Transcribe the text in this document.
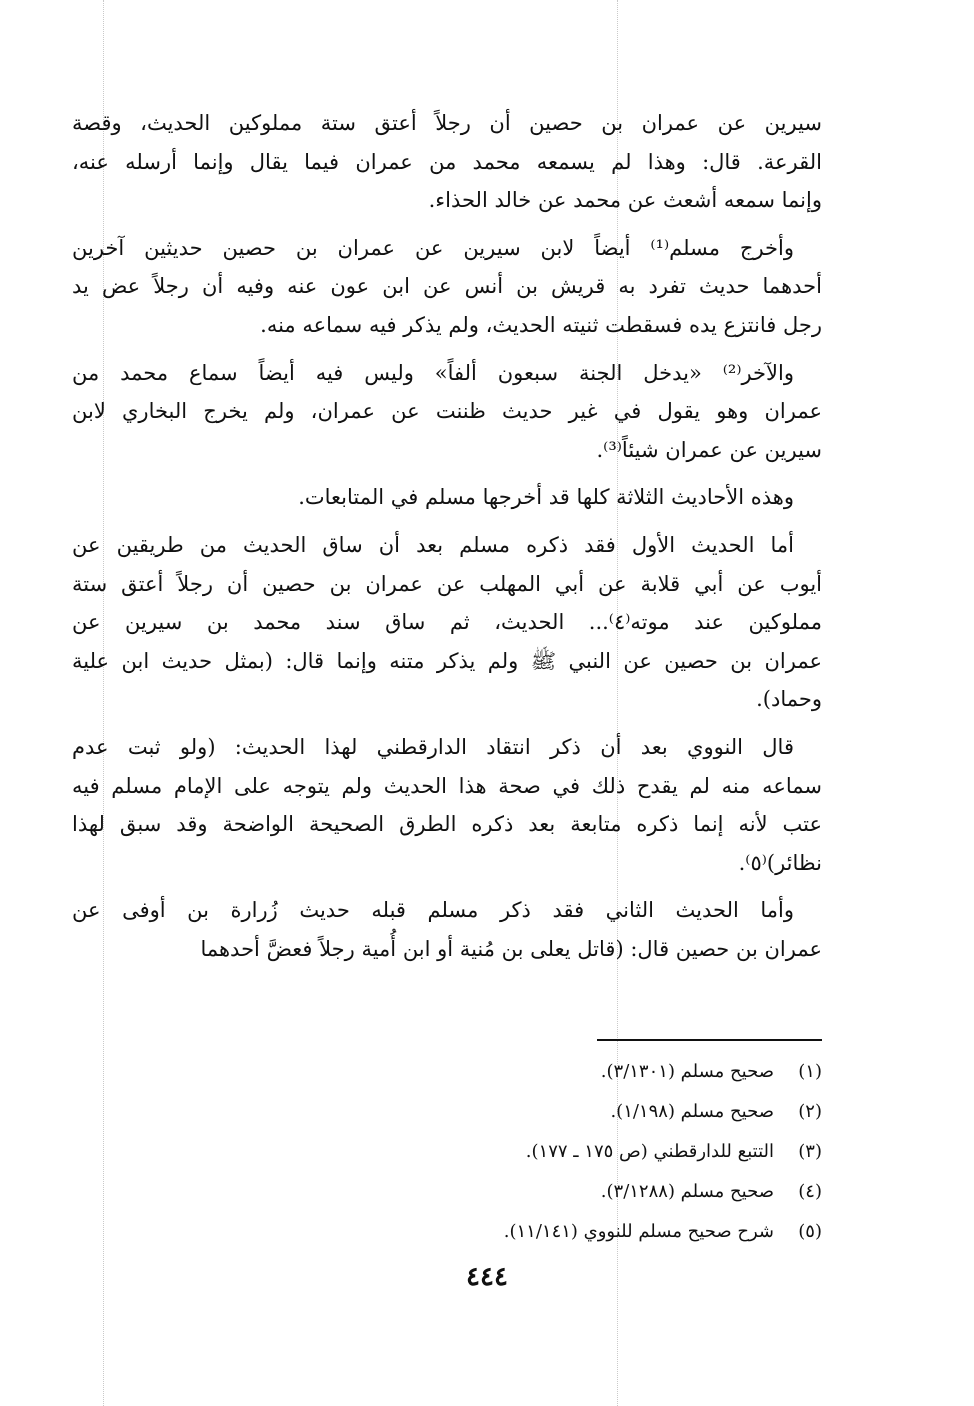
سيرين عن عمران بن حصين أن رجلاً أعتق ستة مملوكين الحديث، وقصة
القرعة. قال: وهذا لم يسمعه محمد من عمران فيما يقال وإنما أرسله عنه،
وإنما سمعه أشعث عن محمد عن خالد الحذاء.
وأخرج مسلم⁽¹⁾ أيضاً لابن سيرين عن عمران بن حصين حديثين آخرين
أحدهما حديث تفرد به قريش بن أنس عن ابن عون عنه وفيه أن رجلاً عض يد
رجل فانتزع يده فسقطت ثنيته الحديث، ولم يذكر فيه سماعه منه.
والآخر⁽²⁾ «يدخل الجنة سبعون ألفاً» وليس فيه أيضاً سماع محمد من
عمران وهو يقول في غير حديث ظننت عن عمران، ولم يخرج البخاري لابن
سيرين عن عمران شيئاً⁽³⁾.
وهذه الأحاديث الثلاثة كلها قد أخرجها مسلم في المتابعات.
أما الحديث الأول فقد ذكره مسلم بعد أن ساق الحديث من طريقين عن
أيوب عن أبي قلابة عن أبي المهلب عن عمران بن حصين أن رجلاً أعتق ستة
مملوكين عند موته⁽٤⁾... الحديث، ثم ساق سند محمد بن سيرين عن
عمران بن حصين عن النبي ﷺ ولم يذكر متنه وإنما قال: (بمثل حديث ابن علية
وحماد).
قال النووي بعد أن ذكر انتقاد الدارقطني لهذا الحديث: (ولو ثبت عدم
سماعه منه لم يقدح ذلك في صحة هذا الحديث ولم يتوجه على الإمام مسلم فيه
عتب لأنه إنما ذكره متابعة بعد ذكره الطرق الصحيحة الواضحة وقد سبق لهذا
نظائر)⁽٥⁾.
وأما الحديث الثاني فقد ذكر مسلم قبله حديث زُرارة بن أوفى عن
عمران بن حصين قال: (قاتل يعلى بن مُنية أو ابن أُمية رجلاً فعضَّ أحدهما
(١)
صحيح مسلم (٣/١٣٠١).
(٢)
صحيح مسلم (١/١٩٨).
(٣)
التتبع للدارقطني (ص ١٧٥ ـ ١٧٧).
(٤)
صحيح مسلم (٣/١٢٨٨).
(٥)
شرح صحيح مسلم للنووي (١١/١٤١).
٤٤٤
